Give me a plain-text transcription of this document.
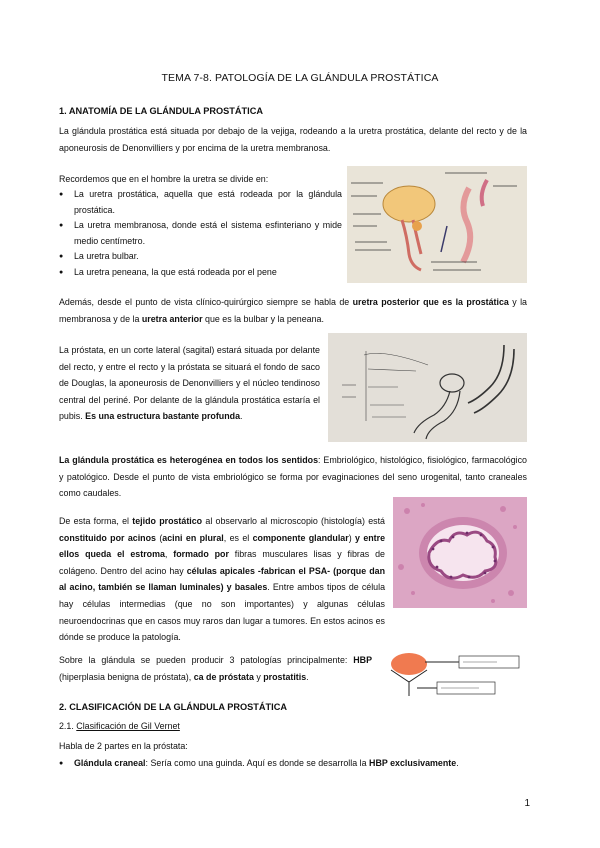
TEMA 7-8. PATOLOGÍA DE LA GLÁNDULA PROSTÁTICA
1. ANATOMÍA DE LA GLÁNDULA PROSTÁTICA
La glándula prostática está situada por debajo de la vejiga, rodeando a la uretra prostática, delante del recto y de la aponeurosis de Denonvilliers y por encima de la uretra membranosa.
Recordemos que en el hombre la uretra se divide en:
● La uretra prostática, aquella que está rodeada por la glándula prostática.
● La uretra membranosa, donde está el sistema esfinteriano y mide medio centímetro.
● La uretra bulbar.
● La uretra peneana, la que está rodeada por el pene
Además, desde el punto de vista clínico-quirúrgico siempre se habla de uretra posterior que es la prostática y la membranosa y de la uretra anterior que es la bulbar y la peneana.
La próstata, en un corte lateral (sagital) estará situada por delante del recto, y entre el recto y la próstata se situará el fondo de saco de Douglas, la aponeurosis de Denonvilliers y el núcleo tendinoso central del periné. Por delante de la glándula prostática estaría el pubis. Es una estructura bastante profunda.
La glándula prostática es heterogénea en todos los sentidos: Embriológico, histológico, fisiológico, farmacológico y patológico. Desde el punto de vista embriológico se forma por evaginaciones del seno urogenital, tanto craneales como caudales.
De esta forma, el tejido prostático al observarlo al microscopio (histología) está constituido por acinos (acini en plural, es el componente glandular) y entre ellos queda el estroma, formado por fibras musculares lisas y fibras de colágeno. Dentro del acino hay células apicales -fabrican el PSA- (porque dan al acino, también se llaman luminales) y basales. Entre ambos tipos de célula hay células intermedias (que no son importantes) y algunas células neuroendocrinas que en casos muy raros dan lugar a tumores. En estos acinos es dónde se produce la patología.
Sobre la glándula se pueden producir 3 patologías principalmente: HBP (hiperplasia benigna de próstata), ca de próstata y prostatitis.
2. CLASIFICACIÓN DE LA GLÁNDULA PROSTÁTICA
2.1. Clasificación de Gil Vernet
Habla de 2 partes en la próstata:
● Glándula craneal: Sería como una guinda. Aquí es donde se desarrolla la HBP exclusivamente.
1
